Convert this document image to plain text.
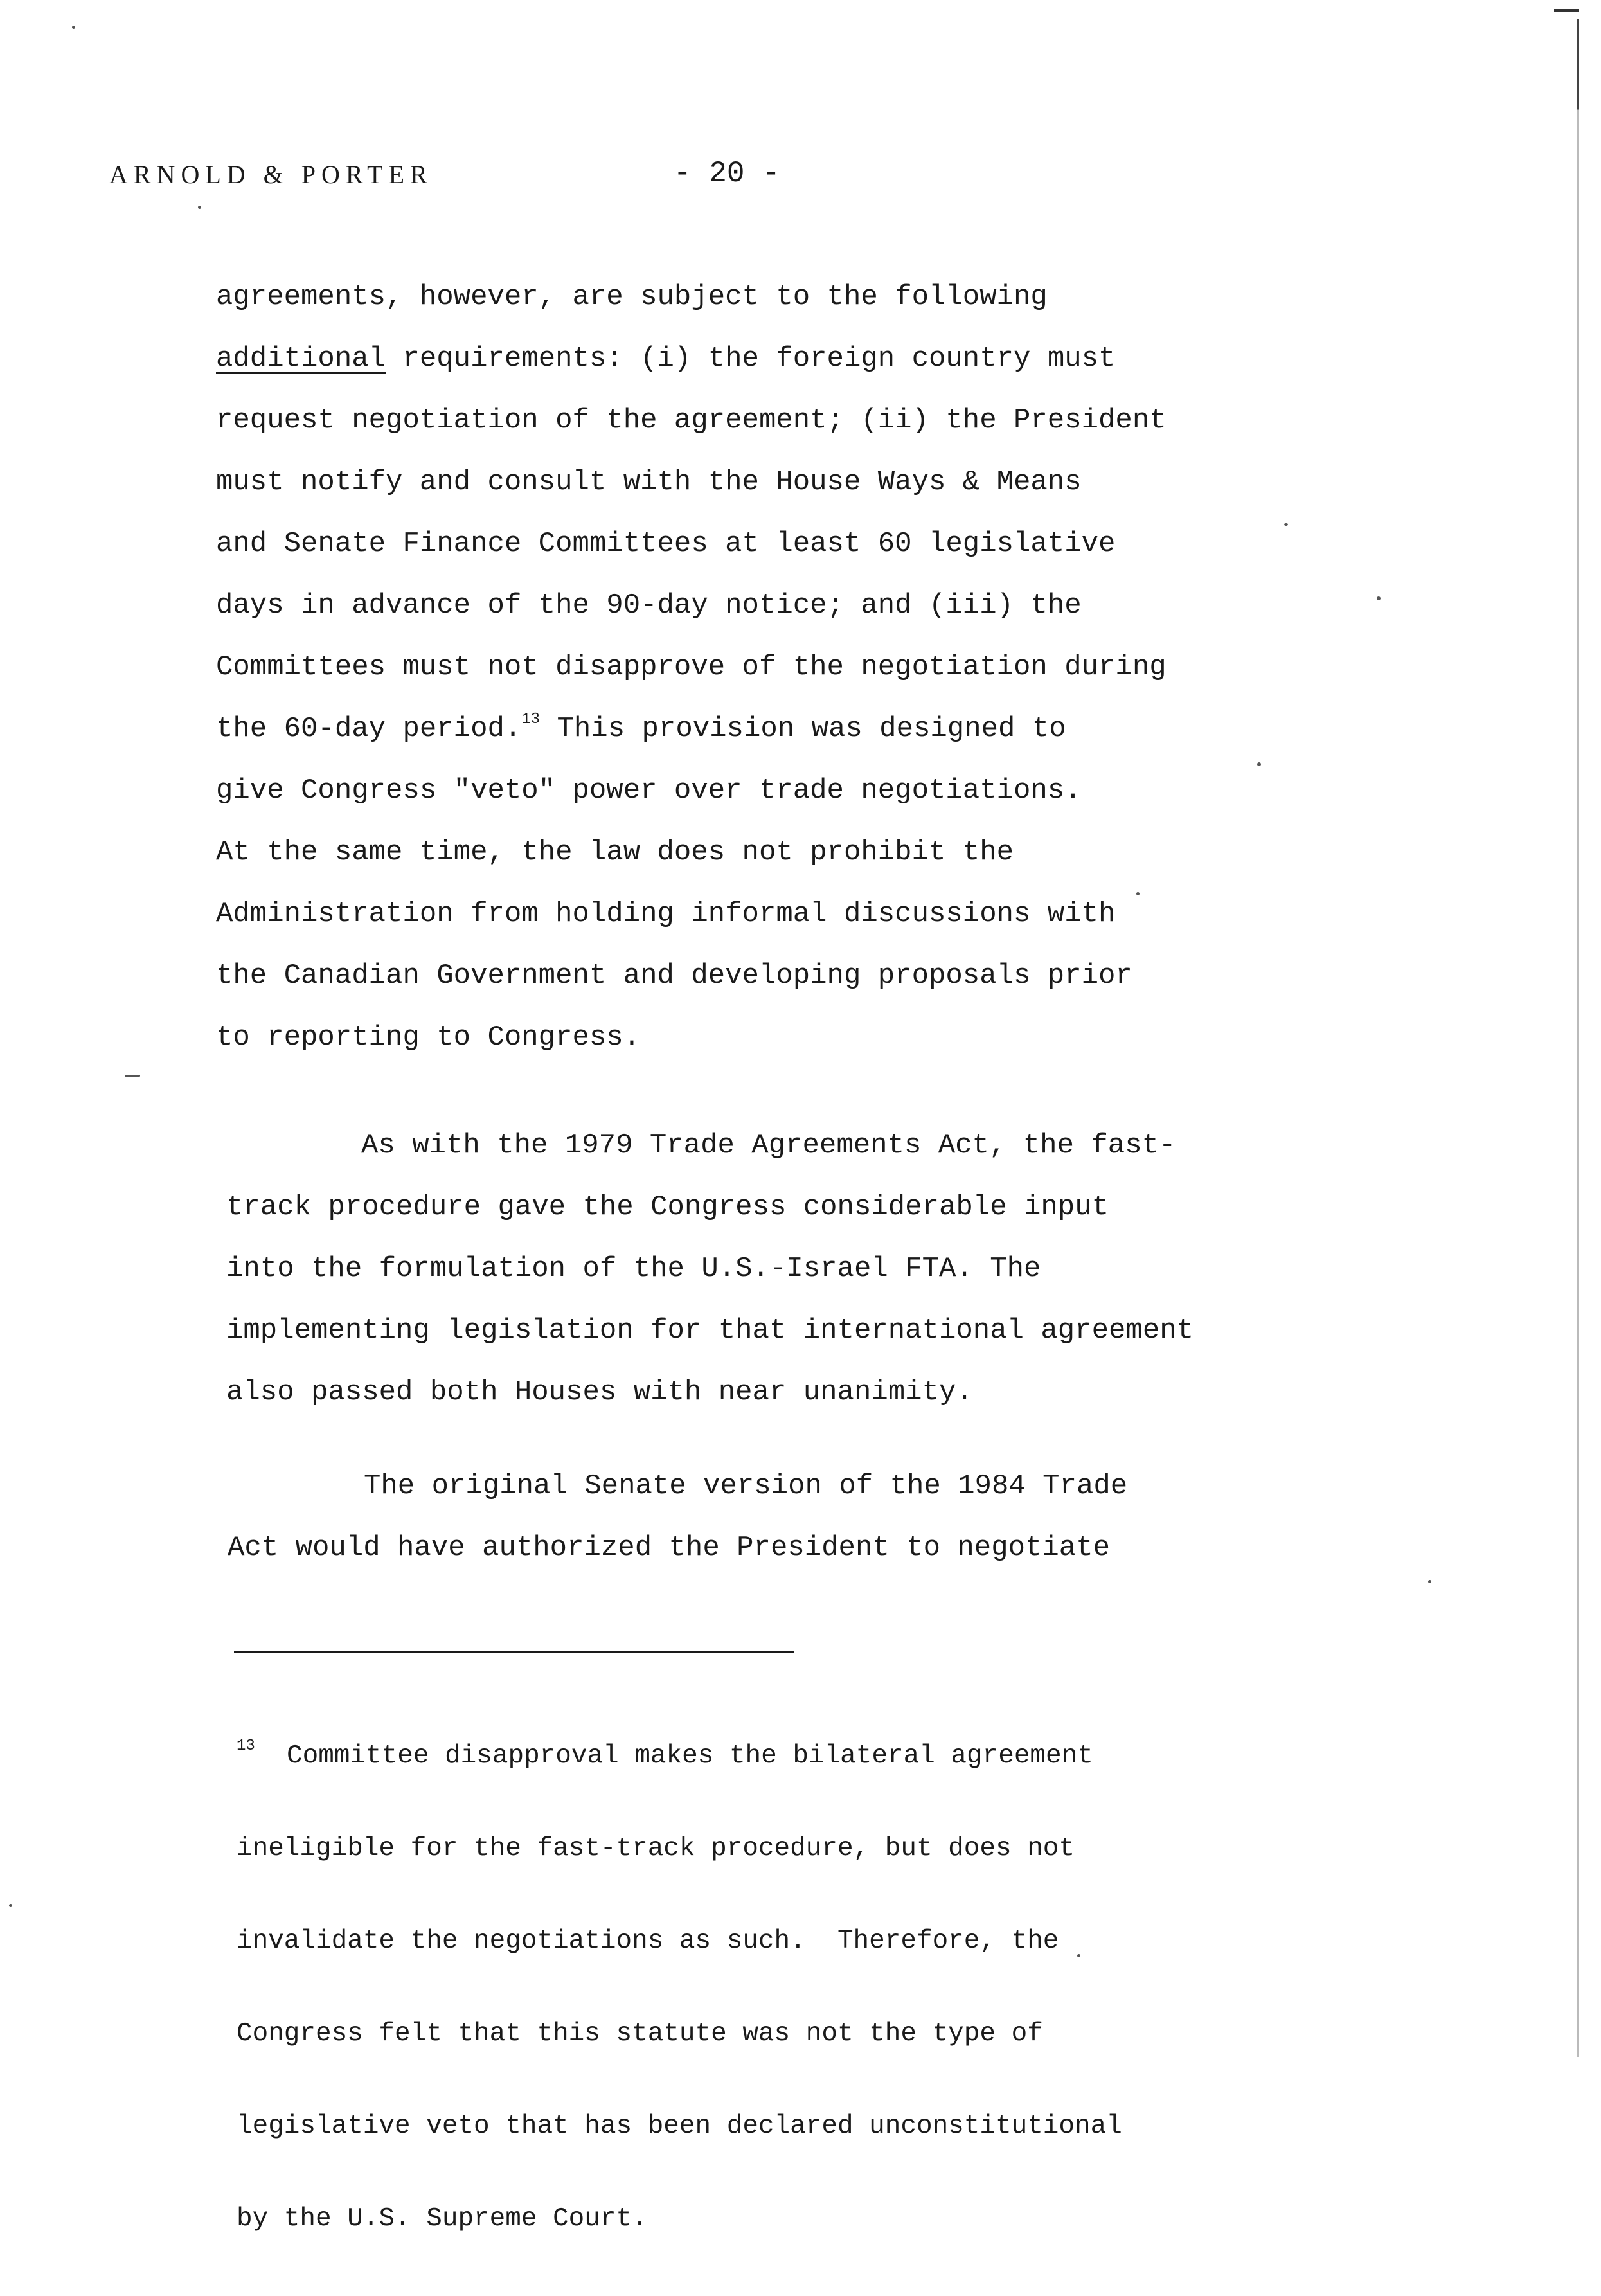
ARNOLD & PORTER	- 20 -
agreements, however, are subject to the following
additional requirements: (i) the foreign country must
request negotiation of the agreement; (ii) the President
must notify and consult with the House Ways & Means
and Senate Finance Committees at least 60 legislative
days in advance of the 90-day notice; and (iii) the
Committees must not disapprove of the negotiation during
the 60-day period.$^{13}$ This provision was designed to
give Congress "veto" power over trade negotiations.
At the same time, the law does not prohibit the
Administration from holding informal discussions with
the Canadian Government and developing proposals prior
to reporting to Congress.
As with the 1979 Trade Agreements Act, the fast-
track procedure gave the Congress considerable input
into the formulation of the U.S.-Israel FTA. The
implementing legislation for that international agreement
also passed both Houses with near unanimity.
The original Senate version of the 1984 Trade
Act would have authorized the President to negotiate

$^{13}$ Committee disapproval makes the bilateral agreement

ineligible for the fast-track procedure, but does not

invalidate the negotiations as such.  Therefore, the

Congress felt that this statute was not the type of

legislative veto that has been declared unconstitutional

by the U.S. Supreme Court.
